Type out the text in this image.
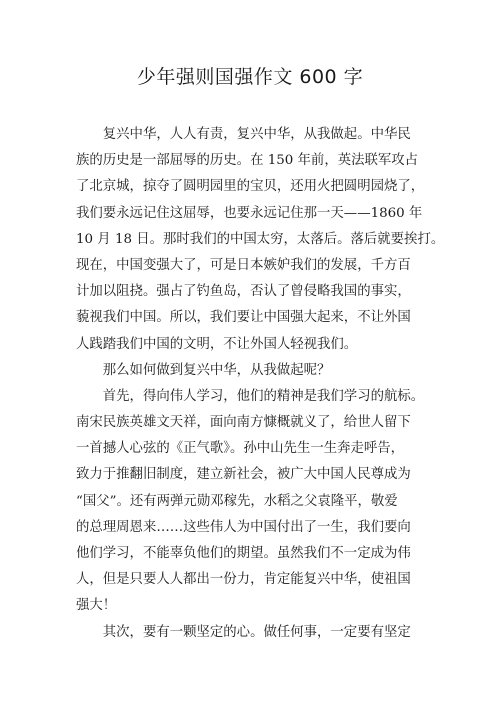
少年强则国强作文 600 字
　　复兴中华，人人有责，复兴中华，从我做起。中华民
族的历史是一部屈辱的历史。在 150 年前，英法联军攻占
了北京城，掠夺了圆明园里的宝贝，还用火把圆明园烧了，
我们要永远记住这屈辱，也要永远记住那一天——1860 年
10 月 18 日。那时我们的中国太穷，太落后。落后就要挨打。
现在，中国变强大了，可是日本嫉妒我们的发展，千方百
计加以阻挠。强占了钓鱼岛，否认了曾侵略我国的事实，
藐视我们中国。所以，我们要让中国强大起来，不让外国
人践踏我们中国的文明，不让外国人轻视我们。
　　那么如何做到复兴中华，从我做起呢？
　　首先，得向伟人学习，他们的精神是我们学习的航标。
南宋民族英雄文天祥，面向南方慷概就义了，给世人留下
一首撼人心弦的《正气歌》。孙中山先生一生奔走呼告，
致力于推翻旧制度，建立新社会，被广大中国人民尊成为
“国父”。还有两弹元勋邓稼先，水稻之父袁隆平，敬爱
的总理周恩来……这些伟人为中国付出了一生，我们要向
他们学习，不能辜负他们的期望。虽然我们不一定成为伟
人，但是只要人人都出一份力，肯定能复兴中华，使祖国
强大！
　　其次，要有一颗坚定的心。做任何事，一定要有坚定
